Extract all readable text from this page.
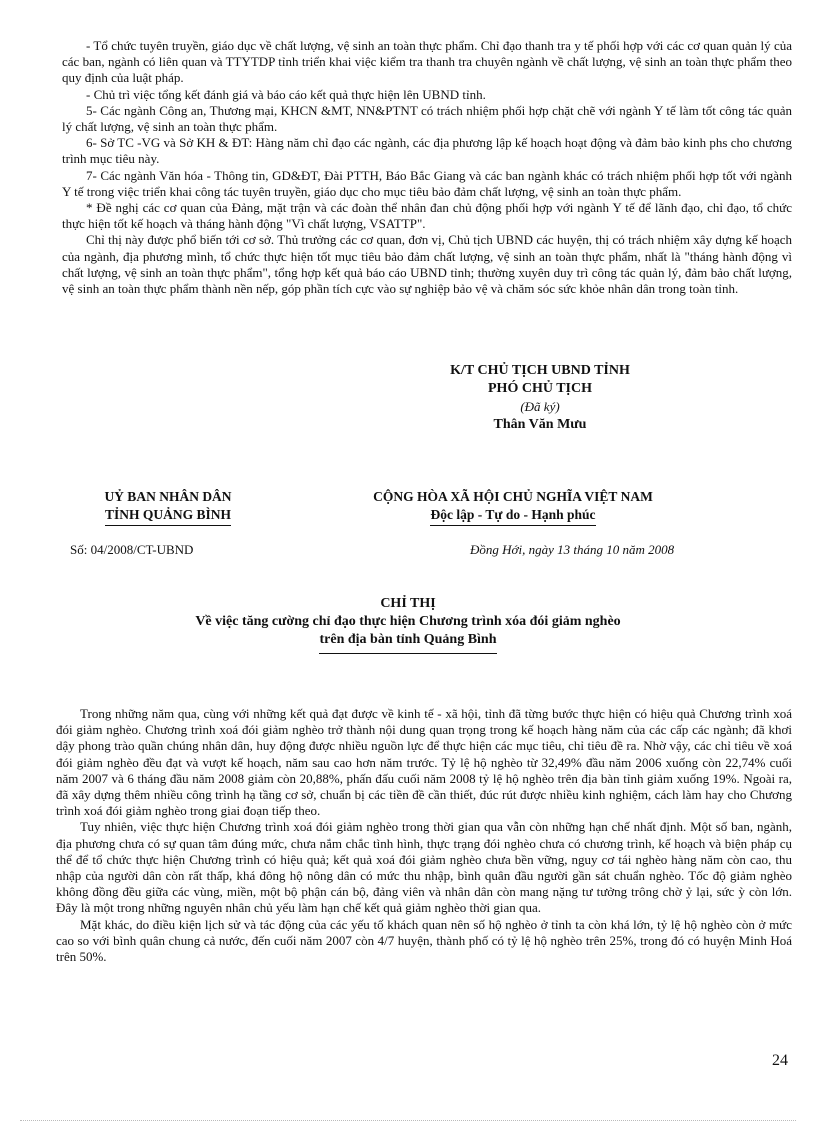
- Tổ chức tuyên truyền, giáo dục về chất lượng, vệ sinh an toàn thực phẩm. Chỉ đạo thanh tra y tế phối hợp với các cơ quan quản lý của các ban, ngành có liên quan và TTYTDP tỉnh triển khai việc kiểm tra thanh tra chuyên ngành về chất lượng, vệ sinh an toàn thực phẩm theo quy định của luật pháp.

- Chủ trì việc tổng kết đánh giá và báo cáo kết quả thực hiện lên UBND tỉnh.

5- Các ngành Công an, Thương mại, KHCN &MT, NN&PTNT có trách nhiệm phối hợp chặt chẽ với ngành Y tế làm tốt công tác quản lý chất lượng, vệ sinh an toàn thực phẩm.

6- Sở TC -VG và Sở KH & ĐT: Hàng năm chỉ đạo các ngành, các địa phương lập kế hoạch hoạt động và đảm bảo kinh phs cho chương trình mục tiêu này.

7- Các ngành Văn hóa - Thông tin, GD&ĐT, Đài PTTH, Báo Bắc Giang và các ban ngành khác có trách nhiệm phối hợp tốt với ngành Y tế trong việc triển khai công tác tuyên truyền, giáo dục cho mục tiêu bảo đảm chất lượng, vệ sinh an toàn thực phẩm.

* Đề nghị các cơ quan của Đảng, mặt trận và các đoàn thể nhân đan chủ động phối hợp với ngành Y tế để lãnh đạo, chỉ đạo, tổ chức thực hiện tốt kế hoạch và tháng hành động "Vì chất lượng, VSATTP".

Chỉ thị này được phổ biến tới cơ sở. Thủ trưởng các cơ quan, đơn vị, Chủ tịch UBND các huyện, thị có trách nhiệm xây dựng kế hoạch của ngành, địa phương mình, tổ chức thực hiện tốt mục tiêu bảo đảm chất lượng, vệ sinh an toàn thực phẩm, nhất là "tháng hành động vì chất lượng, vệ sinh an toàn thực phẩm", tổng hợp kết quả báo cáo UBND tỉnh; thường xuyên duy trì công tác quản lý, đảm bảo chất lượng, vệ sinh an toàn thực phẩm thành nền nếp, góp phần tích cực vào sự nghiệp bảo vệ và chăm sóc sức khỏe nhân dân trong toàn tỉnh.

K/T CHỦ TỊCH UBND TỈNH
PHÓ CHỦ TỊCH
(Đã ký)
Thân Văn Mưu
UỶ BAN NHÂN DÂN
TỈNH QUẢNG BÌNH
CỘNG HÒA XÃ HỘI CHỦ NGHĨA VIỆT NAM
Độc lập - Tự do - Hạnh phúc
Số: 04/2008/CT-UBND	Đồng Hới, ngày 13 tháng 10 năm 2008
CHỈ THỊ
Về việc tăng cường chỉ đạo thực hiện Chương trình xóa đói giảm nghèo
trên địa bàn tỉnh Quảng Bình

Trong những năm qua, cùng với những kết quả đạt được về kinh tế - xã hội, tỉnh đã từng bước thực hiện có hiệu quả Chương trình xoá đói giảm nghèo. Chương trình xoá đói giảm nghèo trở thành nội dung quan trọng trong kế hoạch hàng năm của các cấp các ngành; đã khơi dậy phong trào quần chúng nhân dân, huy động được nhiều nguồn lực để thực hiện các mục tiêu, chỉ tiêu đề ra. Nhờ vậy, các chỉ tiêu về xoá đói giảm nghèo đều đạt và vượt kế hoạch, năm sau cao hơn năm trước. Tỷ lệ hộ nghèo từ 32,49% đầu năm 2006 xuống còn 22,74% cuối năm 2007 và 6 tháng đầu năm 2008 giảm còn 20,88%, phấn đấu cuối năm 2008 tỷ lệ hộ nghèo trên địa bàn tỉnh giảm xuống 19%. Ngoài ra, đã xây dựng thêm nhiều công trình hạ tầng cơ sở, chuẩn bị các tiền đề cần thiết, đúc rút được nhiều kinh nghiệm, cách làm hay cho Chương trình xoá đói giảm nghèo trong giai đoạn tiếp theo.

Tuy nhiên, việc thực hiện Chương trình xoá đói giảm nghèo trong thời gian qua vẫn còn những hạn chế nhất định. Một số ban, ngành, địa phương chưa có sự quan tâm đúng mức, chưa nắm chắc tình hình, thực trạng đói nghèo chưa có chương trình, kế hoạch và biện pháp cụ thể để tổ chức thực hiện Chương trình có hiệu quả; kết quả xoá đói giảm nghèo chưa bền vững, nguy cơ tái nghèo hàng năm còn cao, thu nhập của người dân còn rất thấp, khá đông hộ nông dân có mức thu nhập, bình quân đầu người gần sát chuẩn nghèo. Tốc độ giảm nghèo không đồng đều giữa các vùng, miền, một bộ phận cán bộ, đảng viên và nhân dân còn mang nặng tư tưởng trông chờ ỷ lại, sức ỳ còn lớn. Đây là một trong những nguyên nhân chủ yếu làm hạn chế kết quả giảm nghèo thời gian qua.

Mặt khác, do điều kiện lịch sử và tác động của các yếu tố khách quan nên số hộ nghèo ở tỉnh ta còn khá lớn, tỷ lệ hộ nghèo còn ở mức cao so với bình quân chung cả nước, đến cuối năm 2007 còn 4/7 huyện, thành phố có tỷ lệ hộ nghèo trên 25%, trong đó có huyện Minh Hoá trên 50%.

24
